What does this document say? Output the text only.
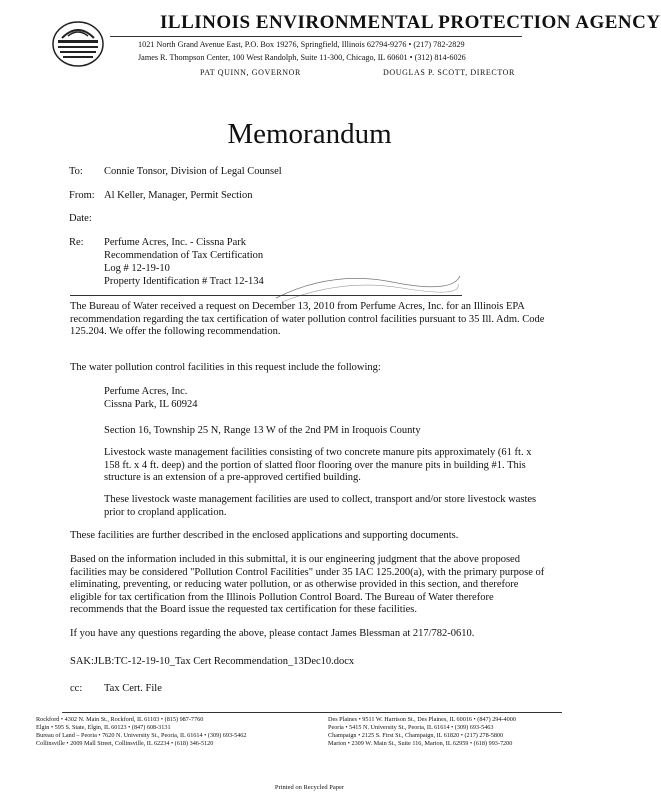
ILLINOIS ENVIRONMENTAL PROTECTION AGENCY
1021 North Grand Avenue East, P.O. Box 19276, Springfield, Illinois 62794-9276 • (217) 782-2829
James R. Thompson Center, 100 West Randolph, Suite 11-300, Chicago, IL 60601 • (312) 814-6026
PAT QUINN, GOVERNOR	DOUGLAS P. SCOTT, DIRECTOR
Memorandum
To: Connie Tonsor, Division of Legal Counsel
From: Al Keller, Manager, Permit Section
Date:
Re: Perfume Acres, Inc. - Cissna Park
Recommendation of Tax Certification
Log # 12-19-10
Property Identification # Tract 12-134
The Bureau of Water received a request on December 13, 2010 from Perfume Acres, Inc. for an Illinois EPA recommendation regarding the tax certification of water pollution control facilities pursuant to 35 Ill. Adm. Code 125.204. We offer the following recommendation.
The water pollution control facilities in this request include the following:
Perfume Acres, Inc.
Cissna Park, IL 60924
Section 16, Township 25 N, Range 13 W of the 2nd PM in Iroquois County
Livestock waste management facilities consisting of two concrete manure pits approximately (61 ft. x 158 ft. x 4 ft. deep) and the portion of slatted floor flooring over the manure pits in building #1. This structure is an extension of a pre-approved certified building.
These livestock waste management facilities are used to collect, transport and/or store livestock wastes prior to cropland application.
These facilities are further described in the enclosed applications and supporting documents.
Based on the information included in this submittal, it is our engineering judgment that the above proposed facilities may be considered "Pollution Control Facilities" under 35 IAC 125.200(a), with the primary purpose of eliminating, preventing, or reducing water pollution, or as otherwise provided in this section, and therefore eligible for tax certification from the Illinois Pollution Control Board. The Bureau of Water therefore recommends that the Board issue the requested tax certification for these facilities.
If you have any questions regarding the above, please contact James Blessman at 217/782-0610.
SAK:JLB:TC-12-19-10_Tax Cert Recommendation_13Dec10.docx
cc: Tax Cert. File
Rockford • 4302 N. Main St., Rockford, IL 61103 • (815) 987-7760
Elgin • 595 S. State, Elgin, IL 60123 • (847) 608-3131
Bureau of Land – Peoria • 7620 N. University St., Peoria, IL 61614 • (309) 693-5462
Collinsville • 2009 Mall Street, Collinsville, IL 62234 • (618) 346-5120
Des Plaines • 9511 W. Harrison St., Des Plaines, IL 60016 • (847) 294-4000
Peoria • 5415 N. University St., Peoria, IL 61614 • (309) 693-5463
Champaign • 2125 S. First St., Champaign, IL 61820 • (217) 278-5800
Marion • 2309 W. Main St., Suite 116, Marion, IL 62959 • (618) 993-7200
Printed on Recycled Paper
